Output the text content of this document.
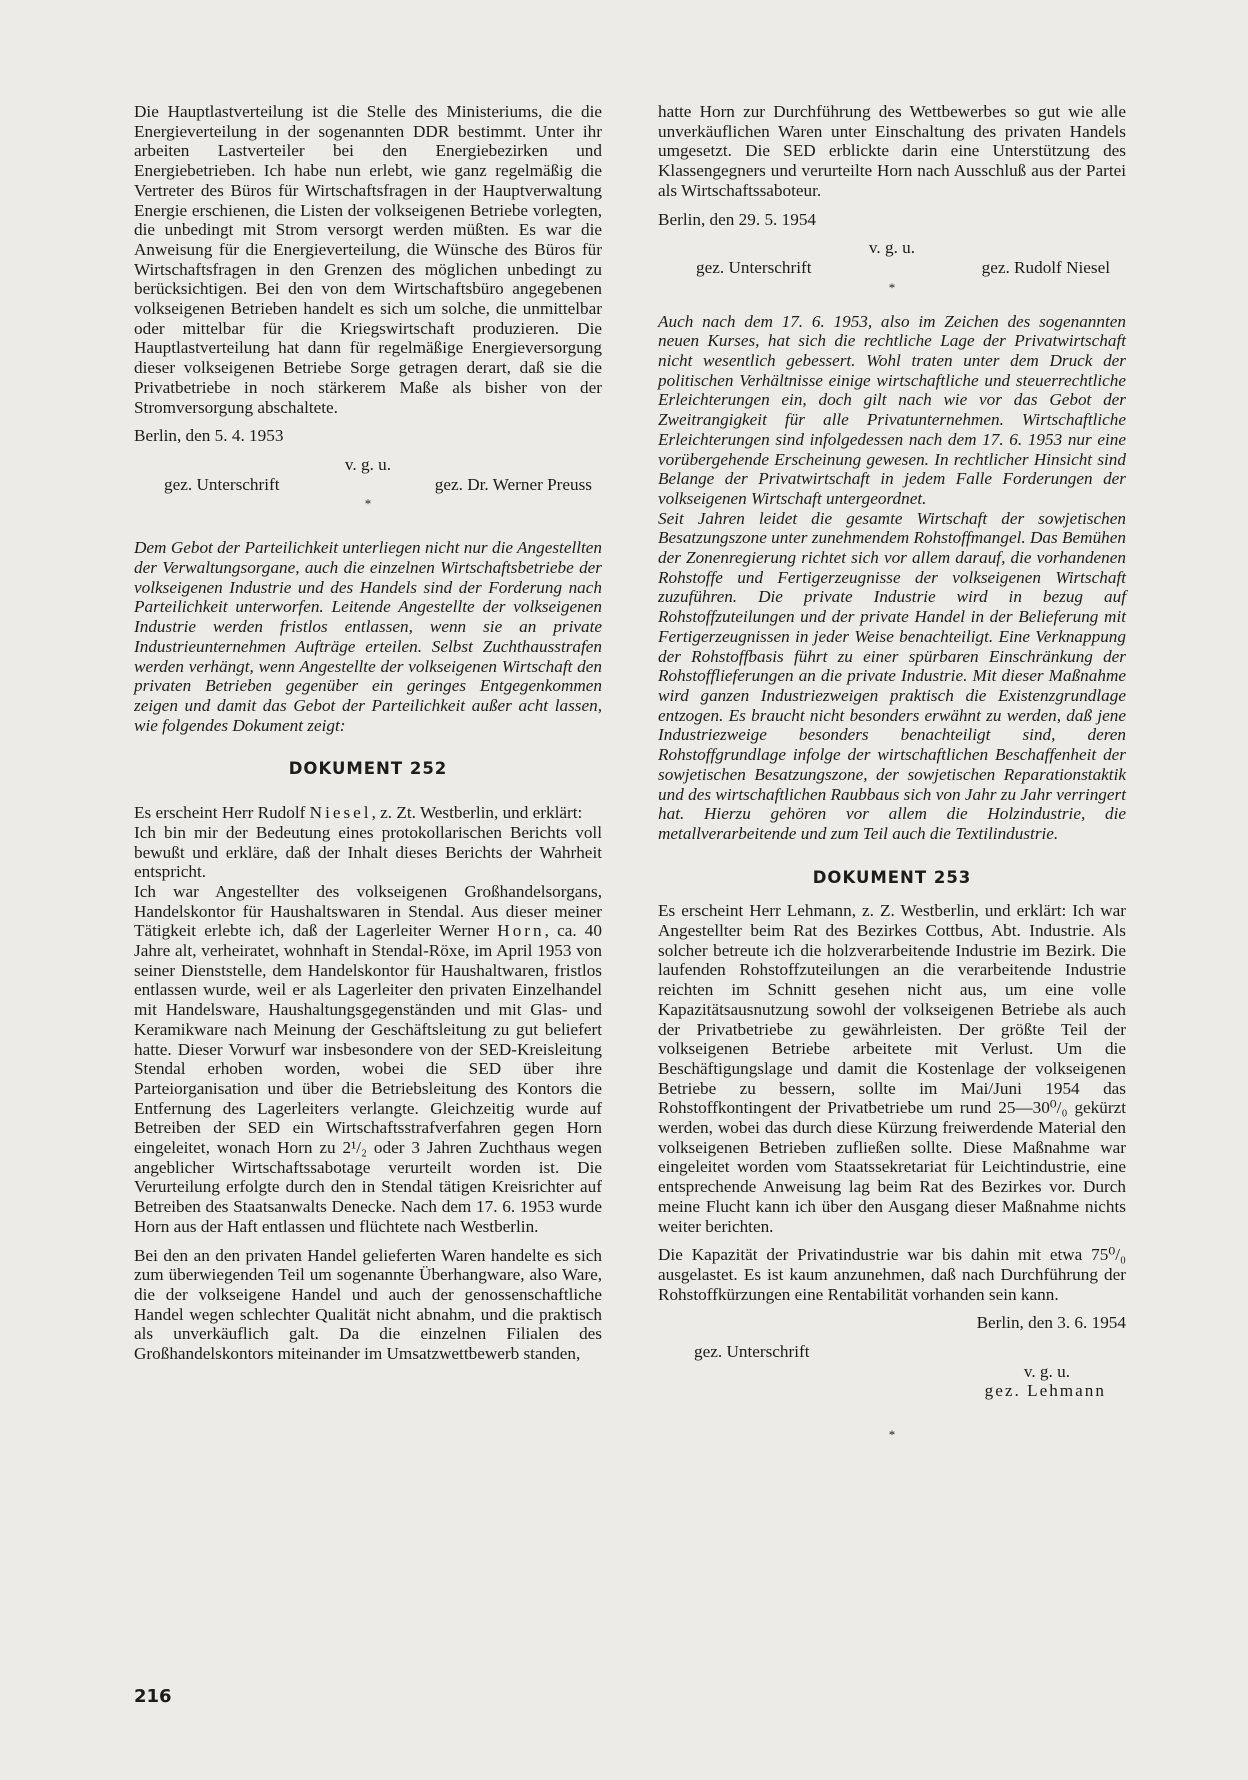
Die Hauptlastverteilung ist die Stelle des Ministeriums, die die Energieverteilung in der sogenannten DDR bestimmt. Unter ihr arbeiten Lastverteiler bei den Energiebezirken und Energiebetrieben. Ich habe nun erlebt, wie ganz regelmäßig die Vertreter des Büros für Wirtschaftsfragen in der Hauptverwaltung Energie erschienen, die Listen der volkseigenen Betriebe vorlegten, die unbedingt mit Strom versorgt werden müßten. Es war die Anweisung für die Energieverteilung, die Wünsche des Büros für Wirtschaftsfragen in den Grenzen des möglichen unbedingt zu berücksichtigen. Bei den von dem Wirtschaftsbüro angegebenen volkseigenen Betrieben handelt es sich um solche, die unmittelbar oder mittelbar für die Kriegswirtschaft produzieren. Die Hauptlastverteilung hat dann für regelmäßige Energieversorgung dieser volkseigenen Betriebe Sorge getragen derart, daß sie die Privatbetriebe in noch stärkerem Maße als bisher von der Stromversorgung abschaltete.

Berlin, den 5. 4. 1953

v. g. u.

gez. Unterschrift	gez. Dr. Werner Preuss

*

Dem Gebot der Parteilichkeit unterliegen nicht nur die Angestellten der Verwaltungsorgane, auch die einzelnen Wirtschaftsbetriebe der volkseigenen Industrie und des Handels sind der Forderung nach Parteilichkeit unterworfen. Leitende Angestellte der volkseigenen Industrie werden fristlos entlassen, wenn sie an private Industrieunternehmen Aufträge erteilen. Selbst Zuchthausstrafen werden verhängt, wenn Angestellte der volkseigenen Wirtschaft den privaten Betrieben gegenüber ein geringes Entgegenkommen zeigen und damit das Gebot der Parteilichkeit außer acht lassen, wie folgendes Dokument zeigt:

DOKUMENT 252

Es erscheint Herr Rudolf Niesel, z. Zt. Westberlin, und erklärt:

Ich bin mir der Bedeutung eines protokollarischen Berichts voll bewußt und erkläre, daß der Inhalt dieses Berichts der Wahrheit entspricht.

Ich war Angestellter des volkseigenen Großhandelsorgans, Handelskontor für Haushaltswaren in Stendal. Aus dieser meiner Tätigkeit erlebte ich, daß der Lagerleiter Werner Horn, ca. 40 Jahre alt, verheiratet, wohnhaft in Stendal-Röxe, im April 1953 von seiner Dienststelle, dem Handelskontor für Haushaltwaren, fristlos entlassen wurde, weil er als Lagerleiter den privaten Einzelhandel mit Handelsware, Haushaltungsgegenständen und mit Glas- und Keramikware nach Meinung der Geschäftsleitung zu gut beliefert hatte. Dieser Vorwurf war insbesondere von der SED-Kreisleitung Stendal erhoben worden, wobei die SED über ihre Parteiorganisation und über die Betriebsleitung des Kontors die Entfernung des Lagerleiters verlangte. Gleichzeitig wurde auf Betreiben der SED ein Wirtschaftsstrafverfahren gegen Horn eingeleitet, wonach Horn zu 2¹/₂ oder 3 Jahren Zuchthaus wegen angeblicher Wirtschaftssabotage verurteilt worden ist. Die Verurteilung erfolgte durch den in Stendal tätigen Kreisrichter auf Betreiben des Staatsanwalts Denecke. Nach dem 17. 6. 1953 wurde Horn aus der Haft entlassen und flüchtete nach Westberlin.

Bei den an den privaten Handel gelieferten Waren handelte es sich zum überwiegenden Teil um sogenannte Überhangware, also Ware, die der volkseigene Handel und auch der genossenschaftliche Handel wegen schlechter Qualität nicht abnahm, und die praktisch als unverkäuflich galt. Da die einzelnen Filialen des Großhandelskontors miteinander im Umsatzwettbewerb standen,

hatte Horn zur Durchführung des Wettbewerbes so gut wie alle unverkäuflichen Waren unter Einschaltung des privaten Handels umgesetzt. Die SED erblickte darin eine Unterstützung des Klassengegners und verurteilte Horn nach Ausschluß aus der Partei als Wirtschaftssaboteur.

Berlin, den 29. 5. 1954

v. g. u.

gez. Unterschrift	gez. Rudolf Niesel

*

Auch nach dem 17. 6. 1953, also im Zeichen des sogenannten neuen Kurses, hat sich die rechtliche Lage der Privatwirtschaft nicht wesentlich gebessert. Wohl traten unter dem Druck der politischen Verhältnisse einige wirtschaftliche und steuerrechtliche Erleichterungen ein, doch gilt nach wie vor das Gebot der Zweitrangigkeit für alle Privatunternehmen. Wirtschaftliche Erleichterungen sind infolgedessen nach dem 17. 6. 1953 nur eine vorübergehende Erscheinung gewesen. In rechtlicher Hinsicht sind Belange der Privatwirtschaft in jedem Falle Forderungen der volkseigenen Wirtschaft untergeordnet.

Seit Jahren leidet die gesamte Wirtschaft der sowjetischen Besatzungszone unter zunehmendem Rohstoffmangel. Das Bemühen der Zonenregierung richtet sich vor allem darauf, die vorhandenen Rohstoffe und Fertigerzeugnisse der volkseigenen Wirtschaft zuzuführen. Die private Industrie wird in bezug auf Rohstoffzuteilungen und der private Handel in der Belieferung mit Fertigerzeugnissen in jeder Weise benachteiligt. Eine Verknappung der Rohstoffbasis führt zu einer spürbaren Einschränkung der Rohstofflieferungen an die private Industrie. Mit dieser Maßnahme wird ganzen Industriezweigen praktisch die Existenzgrundlage entzogen. Es braucht nicht besonders erwähnt zu werden, daß jene Industriezweige besonders benachteiligt sind, deren Rohstoffgrundlage infolge der wirtschaftlichen Beschaffenheit der sowjetischen Besatzungszone, der sowjetischen Reparationstaktik und des wirtschaftlichen Raubbaus sich von Jahr zu Jahr verringert hat. Hierzu gehören vor allem die Holzindustrie, die metallverarbeitende und zum Teil auch die Textilindustrie.

DOKUMENT 253

Es erscheint Herr Lehmann, z. Z. Westberlin, und erklärt: Ich war Angestellter beim Rat des Bezirkes Cottbus, Abt. Industrie. Als solcher betreute ich die holzverarbeitende Industrie im Bezirk. Die laufenden Rohstoffzuteilungen an die verarbeitende Industrie reichten im Schnitt gesehen nicht aus, um eine volle Kapazitätsausnutzung sowohl der volkseigenen Betriebe als auch der Privatbetriebe zu gewährleisten. Der größte Teil der volkseigenen Betriebe arbeitete mit Verlust. Um die Beschäftigungslage und damit die Kostenlage der volkseigenen Betriebe zu bessern, sollte im Mai/Juni 1954 das Rohstoffkontingent der Privatbetriebe um rund 25—30⁰/₀ gekürzt werden, wobei das durch diese Kürzung freiwerdende Material den volkseigenen Betrieben zufließen sollte. Diese Maßnahme war eingeleitet worden vom Staatssekretariat für Leichtindustrie, eine entsprechende Anweisung lag beim Rat des Bezirkes vor. Durch meine Flucht kann ich über den Ausgang dieser Maßnahme nichts weiter berichten.

Die Kapazität der Privatindustrie war bis dahin mit etwa 75⁰/₀ ausgelastet. Es ist kaum anzunehmen, daß nach Durchführung der Rohstoffkürzungen eine Rentabilität vorhanden sein kann.

Berlin, den 3. 6. 1954

gez. Unterschrift

v. g. u.

gez. Lehmann

*

216
